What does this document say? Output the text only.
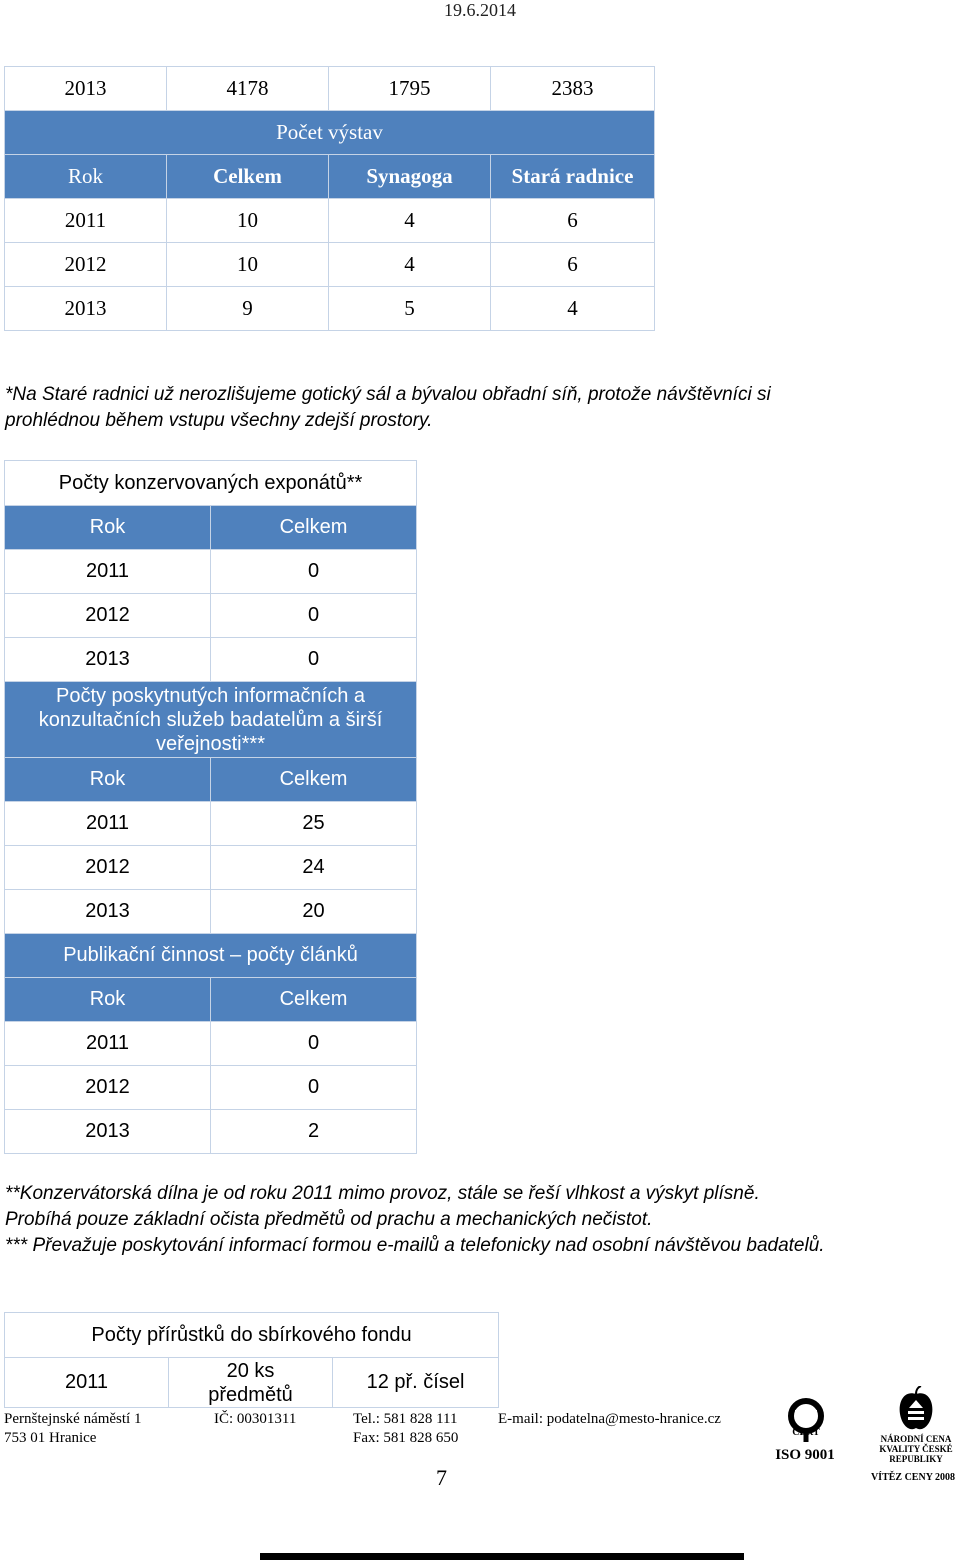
19.6.2014
2013	4178	1795	2383
Počet výstav			
Rok	Celkem	Synagoga	Stará radnice
2011	10	4	6
2012	10	4	6
2013	9	5	4
*Na Staré radnici už nerozlišujeme gotický sál a bývalou obřadní síň, protože návštěvníci si
prohlédnou během vstupu všechny zdejší prostory.
Počty konzervovaných exponátů**	
Rok	Celkem
2011	0
2012	0
2013	0
Počty poskytnutých informačních a konzultačních služeb badatelům a širší veřejnosti***	
Rok	Celkem
2011	25
2012	24
2013	20
Publikační činnost – počty článků	
Rok	Celkem
2011	0
2012	0
2013	2
**Konzervátorská dílna je od roku 2011 mimo provoz, stále se řeší vlhkost a výskyt plísně.
Probíhá pouze základní očista předmětů od prachu a mechanických nečistot.
*** Převažuje poskytování informací formou e-mailů a telefonicky nad osobní návštěvou badatelů.
Počty přírůstků do sbírkového fondu
2011	20 ks předmětů	12 př. čísel
Pernštejnské náměstí 1
753 01 Hranice
IČ: 00301311	Tel.: 581 828 111
Fax: 581 828 650
E-mail: podatelna@mesto-hranice.cz
7
CERT
ISO 9001
NÁRODNÍ CENA KVALITY ČESKÉ REPUBLIKY
VÍTĚZ CENY 2008
